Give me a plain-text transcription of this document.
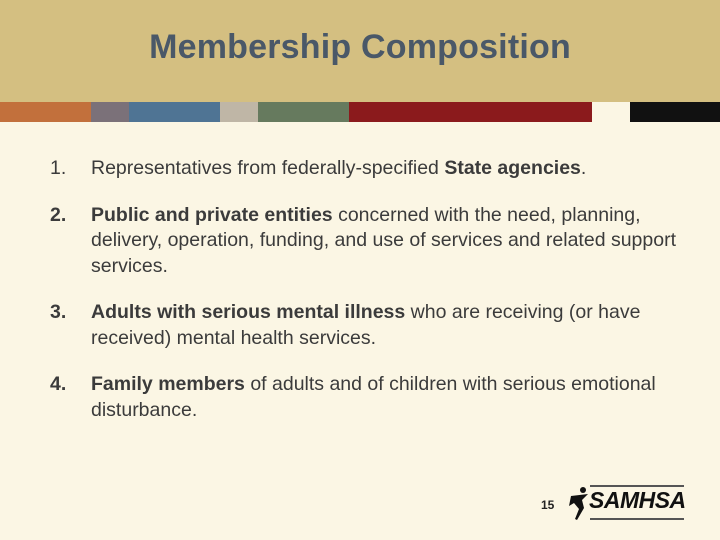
Membership Composition
1. Representatives from federally-specified State agencies.
2. Public and private entities concerned with the need, planning, delivery, operation, funding, and use of services and related support services.
3. Adults with serious mental illness who are receiving (or have received) mental health services.
4. Family members of adults and of children with serious emotional disturbance.
15 SAMHSA
